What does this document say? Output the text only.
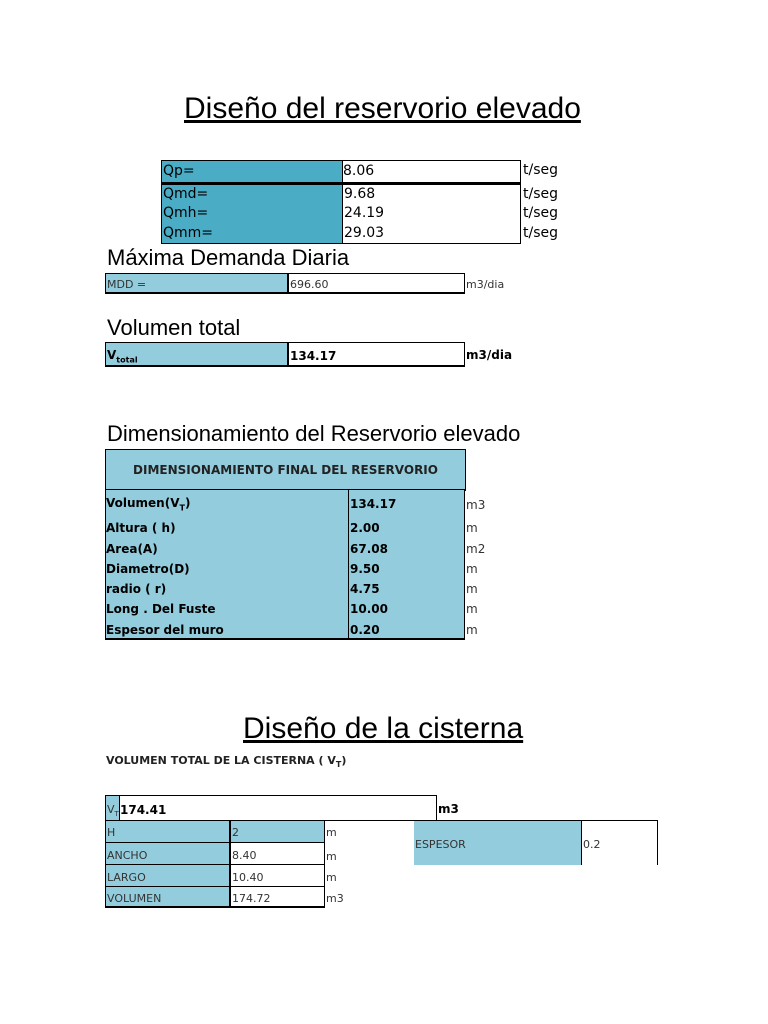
Diseño del reservorio elevado
Qp=	8.06	t/seg
Qmd=	9.68	t/seg
Qmh=	24.19	t/seg
Qmm=	29.03	t/seg
Máxima Demanda Diaria
MDD =	696.60	m3/dia
Volumen total
$V_{total}$	134.17	m3/dia
Dimensionamiento del Reservorio elevado
DIMENSIONAMIENTO FINAL DEL RESERVORIO
$Volumen(V_T)$	134.17	m3
Altura ( h)	2.00	m
Area(A)	67.08	m2
Diametro(D)	9.50	m
radio ( r)	4.75	m
Long . Del Fuste	10.00	m
Espesor del muro	0.20	m
Diseño de la cisterna
VOLUMEN TOTAL DE LA CISTERNA ( $V_T$)
$V_T$ 174.41	m3
H	2	m
ANCHO	8.40	m
LARGO	10.40	m
VOLUMEN	174.72	m3
ESPESOR	0.2
